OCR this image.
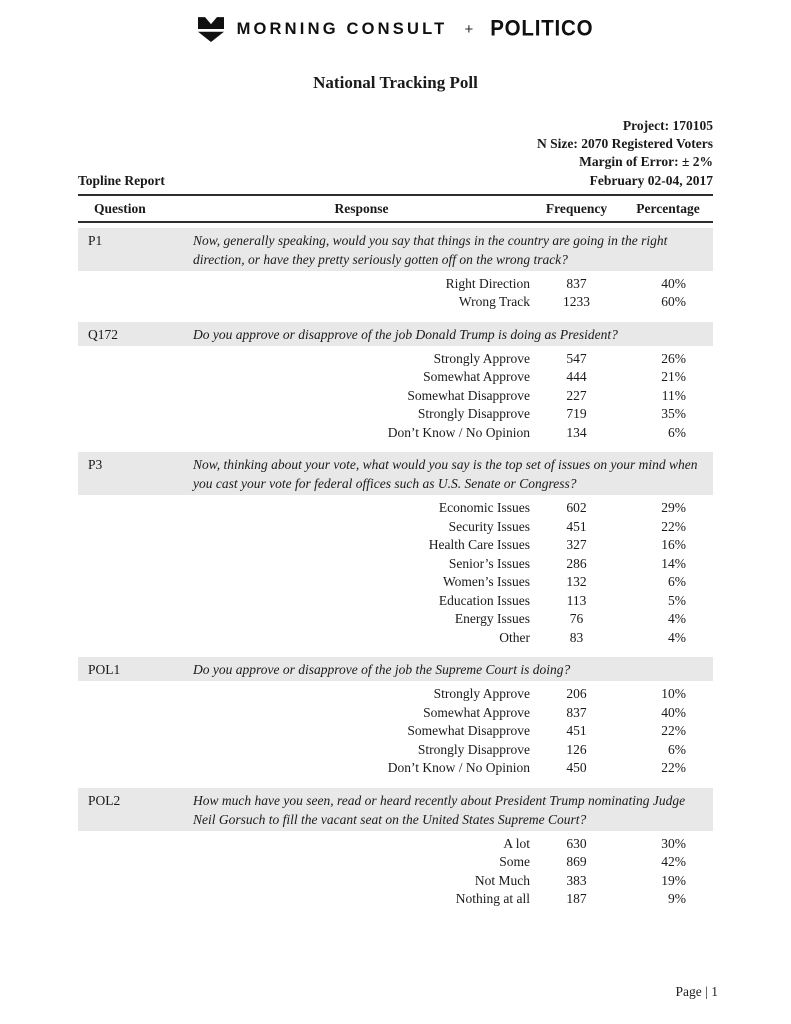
MORNING CONSULT + POLITICO
National Tracking Poll
Project: 170105
N Size: 2070 Registered Voters
Margin of Error: ± 2%
February 02-04, 2017
Topline Report
Question	Response	Frequency	Percentage
P1	Now, generally speaking, would you say that things in the country are going in the right direction, or have they pretty seriously gotten off on the wrong track?
Right Direction	837	40%
Wrong Track	1233	60%
Q172	Do you approve or disapprove of the job Donald Trump is doing as President?
Strongly Approve	547	26%
Somewhat Approve	444	21%
Somewhat Disapprove	227	11%
Strongly Disapprove	719	35%
Don’t Know / No Opinion	134	6%
P3	Now, thinking about your vote, what would you say is the top set of issues on your mind when you cast your vote for federal offices such as U.S. Senate or Congress?
Economic Issues	602	29%
Security Issues	451	22%
Health Care Issues	327	16%
Senior’s Issues	286	14%
Women’s Issues	132	6%
Education Issues	113	5%
Energy Issues	76	4%
Other	83	4%
POL1	Do you approve or disapprove of the job the Supreme Court is doing?
Strongly Approve	206	10%
Somewhat Approve	837	40%
Somewhat Disapprove	451	22%
Strongly Disapprove	126	6%
Don’t Know / No Opinion	450	22%
POL2	How much have you seen, read or heard recently about President Trump nominating Judge Neil Gorsuch to fill the vacant seat on the United States Supreme Court?
A lot	630	30%
Some	869	42%
Not Much	383	19%
Nothing at all	187	9%
Page | 1
